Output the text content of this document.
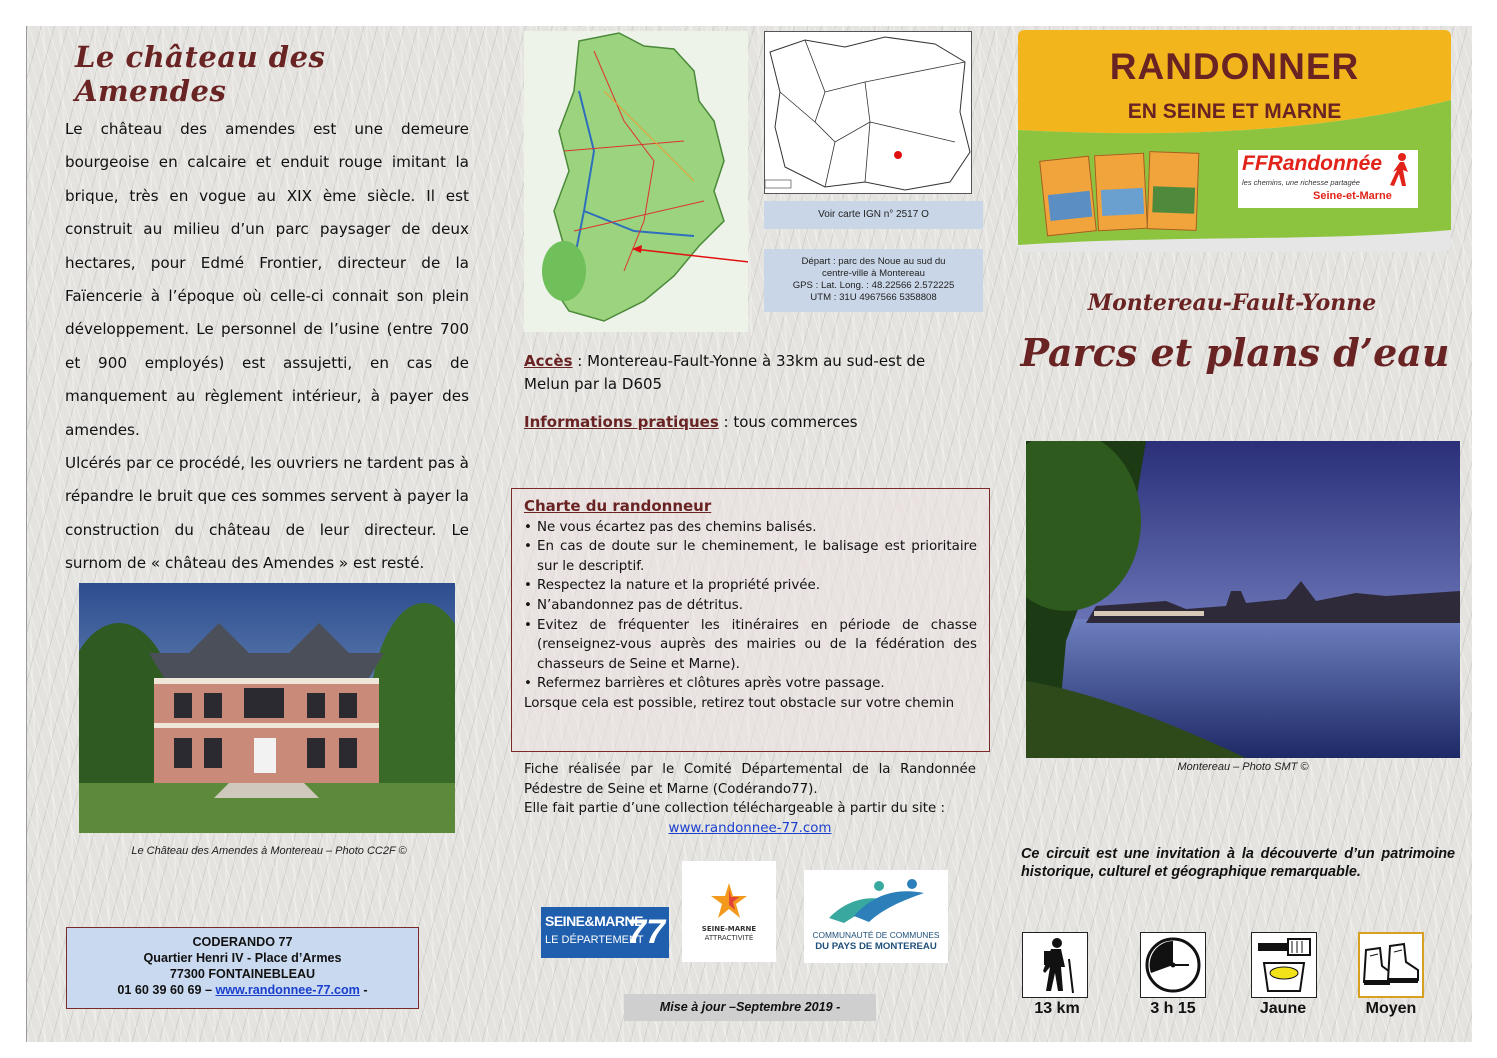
Le château des Amendes

Le château des amendes est une demeure bourgeoise en calcaire et enduit rouge imitant la brique, très en vogue au XIX ème siècle. Il est construit au milieu d’un parc paysager de deux hectares, pour Edmé Frontier, directeur de la Faïencerie à l’époque où celle-ci connait son plein développement. Le personnel de l’usine (entre 700 et 900 employés) est assujetti, en cas de manquement au règlement intérieur, à payer des amendes.

Ulcérés par ce procédé, les ouvriers ne tardent pas à répandre le bruit que ces sommes servent à payer la construction du château de leur directeur. Le surnom de « château des Amendes » est resté.

Le Château des Amendes à Montereau – Photo CC2F ©
CODERANDO 77
Quartier Henri IV - Place d’Armes
77300 FONTAINEBLEAU
01 60 39 60 69 – www.randonnee-77.com -
Voir carte IGN n° 2517 O
Départ : parc des Noue au sud du
centre-ville à Montereau
GPS : Lat. Long. : 48.22566 2.572225
UTM : 31U 4967566 5358808
Accès : Montereau-Fault-Yonne à 33km au sud-est de Melun par la D605
Informations pratiques : tous commerces
Charte du randonneur
• Ne vous écartez pas des chemins balisés.
• En cas de doute sur le cheminement, le balisage est prioritaire sur le descriptif.
• Respectez la nature et la propriété privée.
• N’abandonnez pas de détritus.
• Evitez de fréquenter les itinéraires en période de chasse (renseignez-vous auprès des mairies ou de la fédération des chasseurs de Seine et Marne).
• Refermez barrières et clôtures après votre passage.
Lorsque cela est possible, retirez tout obstacle sur votre chemin
Fiche réalisée par le Comité Départemental de la Randonnée Pédestre de Seine et Marne (Codérando77).
Elle fait partie d’une collection téléchargeable à partir du site :
www.randonnee-77.com
SEINE&MARNE
LE DÉPARTEMENT
77	SEINE-MARNE
ATTRACTIVITÉ	COMMUNAUTÉ DE COMMUNES
DU PAYS DE MONTEREAU
Mise à jour –Septembre 2019 -
RANDONNER
EN SEINE ET MARNE
FFRandonnée
les chemins, une richesse partagée
Seine-et-Marne
Montereau-Fault-Yonne
Parcs et plans d’eau
Montereau – Photo SMT ©
Ce circuit est une invitation à la découverte d’un patrimoine historique, culturel et géographique remarquable.
13 km	3 h 15	Jaune	Moyen
